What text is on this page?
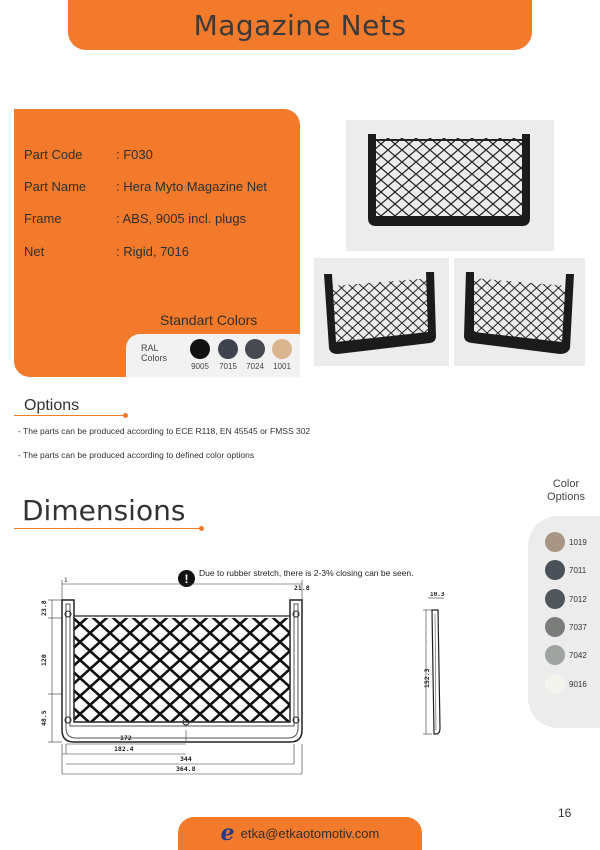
Magazine Nets
Part Code	: F030
Part Name	: Hera Myto Magazine Net
Frame	: ABS, 9005 incl. plugs
Net	: Rigid, 7016
Standart Colors
RAL
Colors
9005	7015	7024	1001
Options
- The parts can be produced according to ECE R118, EN 45545 or FMSS 302
- The parts can be produced according to defined color options
Dimensions
!	Due to rubber stretch, there is 2-3% closing can be seen.
1
21.8
23.8
120
48.5
172
182.4
344
364.8
10.3
152.3
Color
Options
1019
7011
7012
7037
7042
9016
16
e etka@etkaotomotiv.com
